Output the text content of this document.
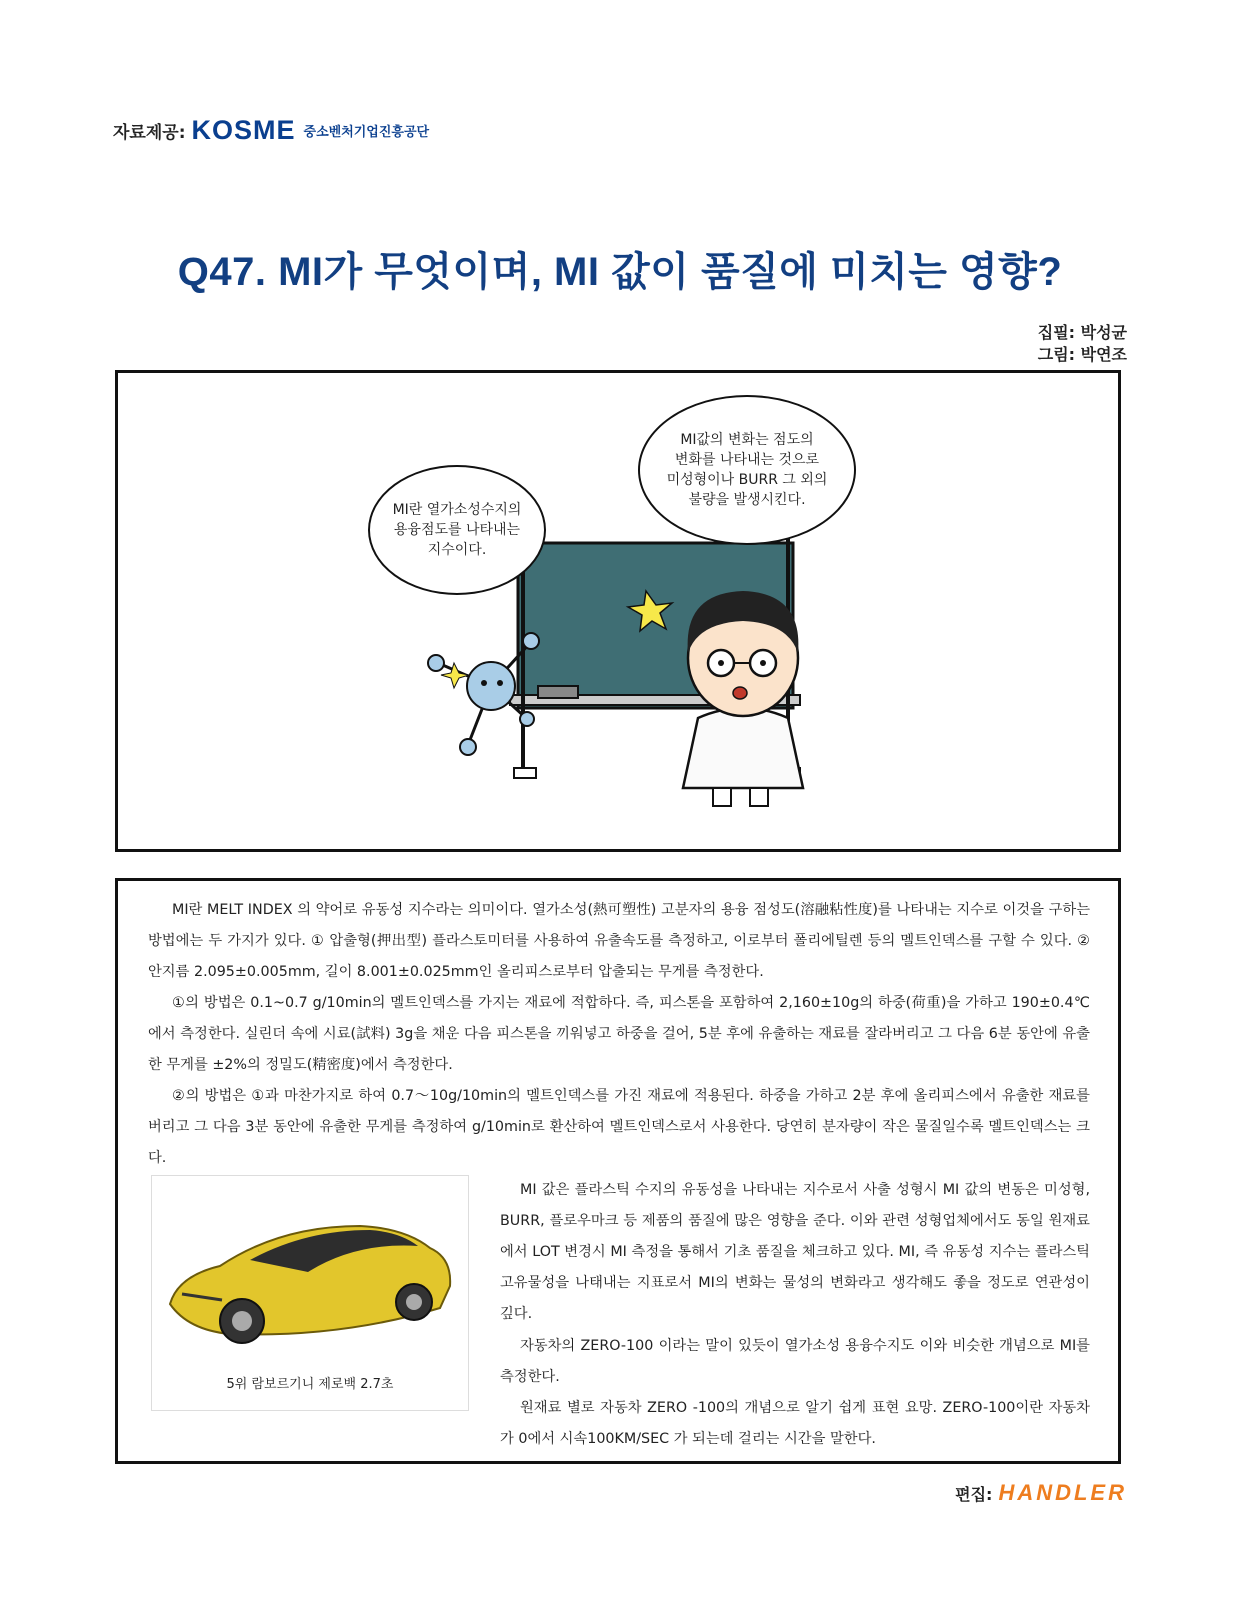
자료제공: KOSME 중소벤처기업진흥공단
Q47. MI가 무엇이며, MI 값이 품질에 미치는 영향?
집필: 박성균
그림: 박연조
MI란 열가소성수지의
용융점도를 나타내는
지수이다.
MI값의 변화는 점도의
변화를 나타내는 것으로
미성형이나 BURR 그 외의
불량을 발생시킨다.

MI란 MELT INDEX 의 약어로 유동성 지수라는 의미이다. 열가소성(熱可塑性) 고분자의 용융 점성도(溶融粘性度)를 나타내는 지수로 이것을 구하는 방법에는 두 가지가 있다. ① 압출형(押出型) 플라스토미터를 사용하여 유출속도를 측정하고, 이로부터 폴리에틸렌 등의 멜트인덱스를 구할 수 있다. ② 안지름 2.095±0.005mm, 길이 8.001±0.025mm인 올리피스로부터 압출되는 무게를 측정한다.

①의 방법은 0.1~0.7 g/10min의 멜트인덱스를 가지는 재료에 적합하다. 즉, 피스톤을 포함하여 2,160±10g의 하중(荷重)을 가하고 190±0.4℃에서 측정한다. 실린더 속에 시료(試料) 3g을 채운 다음 피스톤을 끼워넣고 하중을 걸어, 5분 후에 유출하는 재료를 잘라버리고 그 다음 6분 동안에 유출한 무게를 ±2%의 정밀도(精密度)에서 측정한다.

②의 방법은 ①과 마찬가지로 하여 0.7～10g/10min의 멜트인덱스를 가진 재료에 적용된다. 하중을 가하고 2분 후에 올리피스에서 유출한 재료를 버리고 그 다음 3분 동안에 유출한 무게를 측정하여 g/10min로 환산하여 멜트인덱스로서 사용한다. 당연히 분자량이 작은 물질일수록 멜트인덱스는 크다.

5위 람보르기니 제로백 2.7초

MI 값은 플라스틱 수지의 유동성을 나타내는 지수로서 사출 성형시 MI 값의 변동은 미성형, BURR, 플로우마크 등 제품의 품질에 많은 영향을 준다. 이와 관련 성형업체에서도 동일 원재료에서 LOT 변경시 MI 측정을 통해서 기초 품질을 체크하고 있다. MI, 즉 유동성 지수는 플라스틱 고유물성을 나태내는 지표로서 MI의 변화는 물성의 변화라고 생각해도 좋을 정도로 연관성이 깊다.

자동차의 ZERO-100 이라는 말이 있듯이 열가소성 용융수지도 이와 비슷한 개념으로 MI를 측정한다.

원재료 별로 자동차 ZERO -100의 개념으로 알기 쉽게 표현 요망. ZERO-100이란 자동차가 0에서 시속100KM/SEC 가 되는데 걸리는 시간을 말한다.

편집: HANDLER
